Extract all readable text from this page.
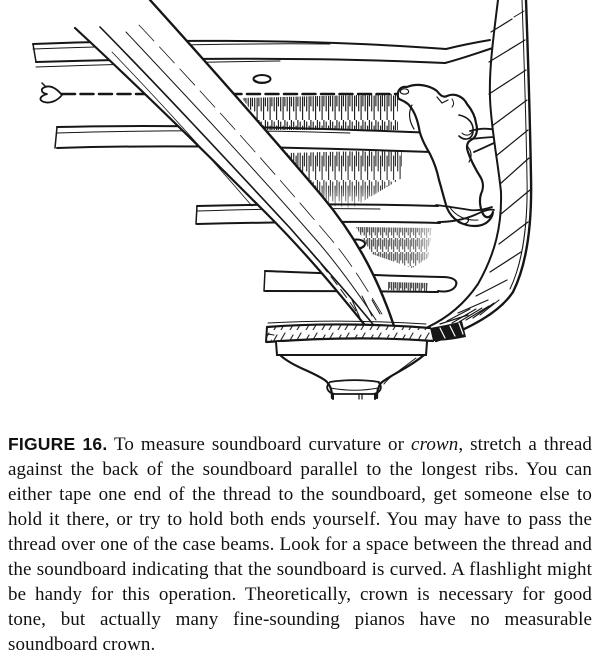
FIGURE 16. To measure soundboard curvature or crown, stretch a thread against the back of the soundboard parallel to the longest ribs. You can either tape one end of the thread to the soundboard, get someone else to hold it there, or try to hold both ends yourself. You may have to pass the thread over one of the case beams. Look for a space between the thread and the soundboard indicating that the soundboard is curved. A flashlight might be handy for this operation. Theoretically, crown is necessary for good tone, but actually many fine-sounding pianos have no measurable soundboard crown.
